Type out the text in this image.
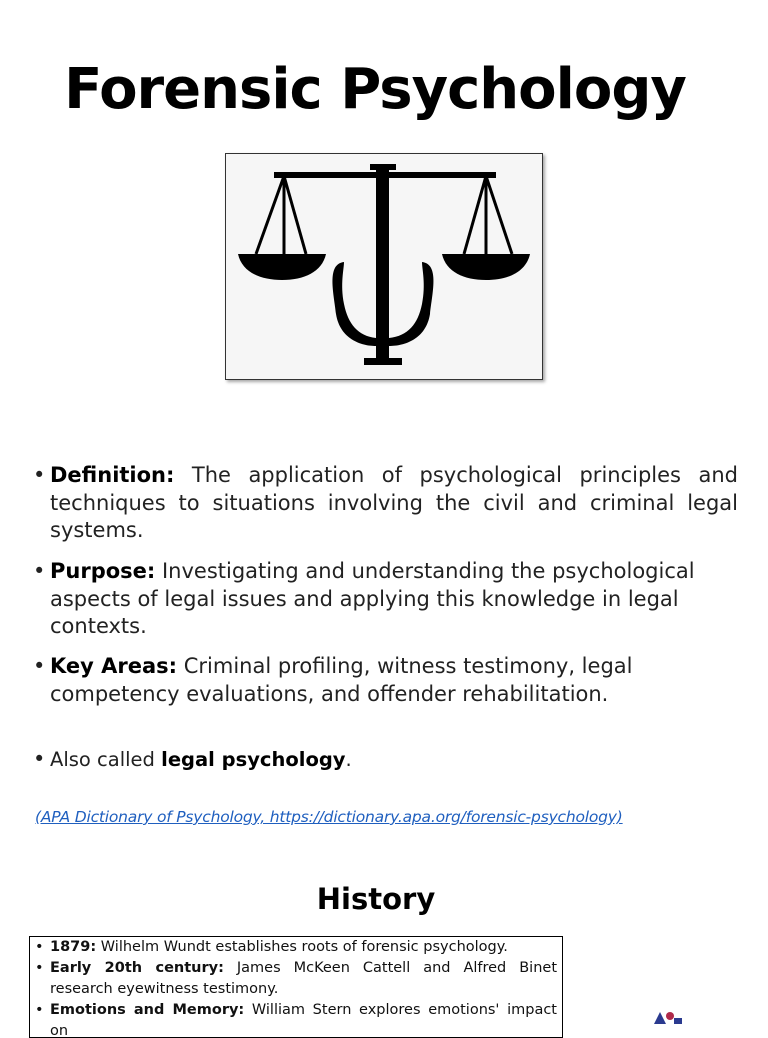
Forensic Psychology
• Definition: The application of psychological principles and techniques to situations involving the civil and criminal legal systems.
• Purpose: Investigating and understanding the psychological aspects of legal issues and applying this knowledge in legal contexts.
• Key Areas: Criminal profiling, witness testimony, legal competency evaluations, and offender rehabilitation.
• Also called legal psychology.
(APA Dictionary of Psychology, https://dictionary.apa.org/forensic-psychology)
History
• 1879: Wilhelm Wundt establishes roots of forensic psychology.
• Early 20th century: James McKeen Cattell and Alfred Binet research eyewitness testimony.
• Emotions and Memory: William Stern explores emotions' impact on
